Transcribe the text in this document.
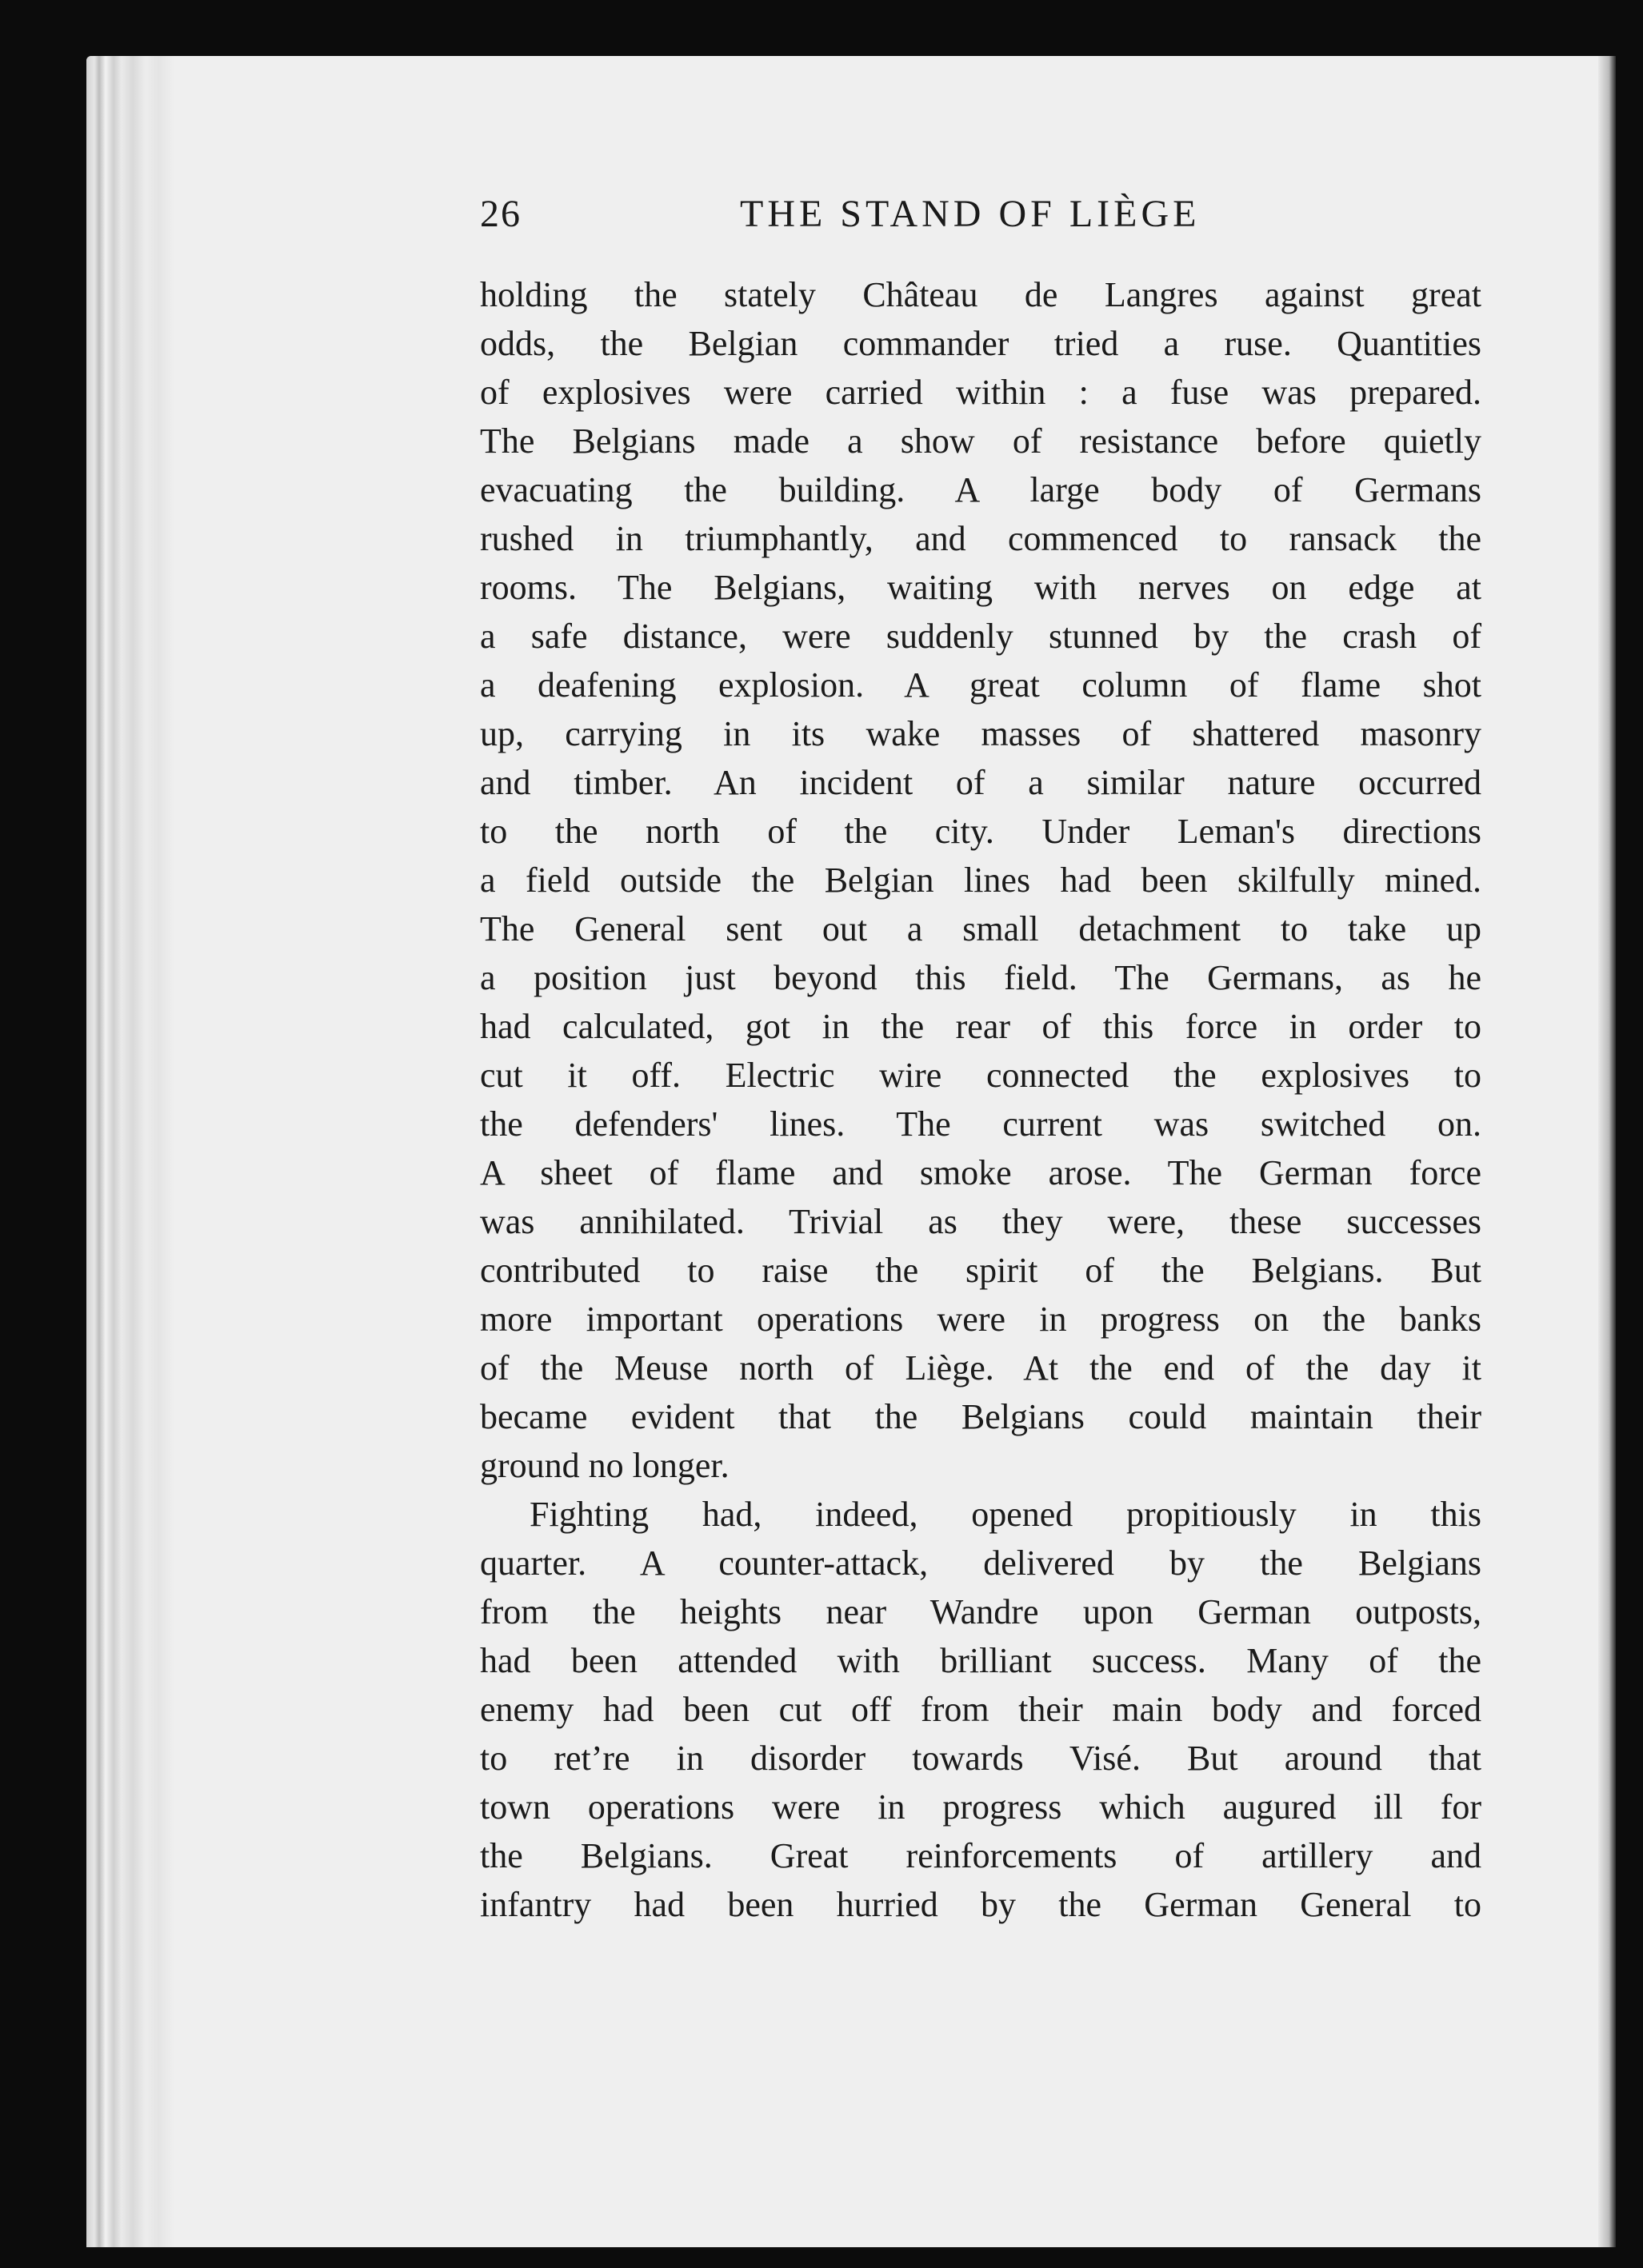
26	THE STAND OF LIÈGE
holding the stately Château de Langres against great
odds, the Belgian commander tried a ruse. Quantities
of explosives were carried within : a fuse was prepared.
The Belgians made a show of resistance before quietly
evacuating the building. A large body of Germans
rushed in triumphantly, and commenced to ransack the
rooms. The Belgians, waiting with nerves on edge at
a safe distance, were suddenly stunned by the crash of
a deafening explosion. A great column of flame shot
up, carrying in its wake masses of shattered masonry
and timber. An incident of a similar nature occurred
to the north of the city. Under Leman's directions
a field outside the Belgian lines had been skilfully mined.
The General sent out a small detachment to take up
a position just beyond this field. The Germans, as he
had calculated, got in the rear of this force in order to
cut it off. Electric wire connected the explosives to
the defenders' lines. The current was switched on.
A sheet of flame and smoke arose. The German force
was annihilated. Trivial as they were, these successes
contributed to raise the spirit of the Belgians. But
more important operations were in progress on the banks
of the Meuse north of Liège. At the end of the day it
became evident that the Belgians could maintain their
ground no longer.
Fighting had, indeed, opened propitiously in this
quarter. A counter-attack, delivered by the Belgians
from the heights near Wandre upon German outposts,
had been attended with brilliant success. Many of the
enemy had been cut off from their main body and forced
to ret’re in disorder towards Visé. But around that
town operations were in progress which augured ill for
the Belgians. Great reinforcements of artillery and
infantry had been hurried by the German General to
